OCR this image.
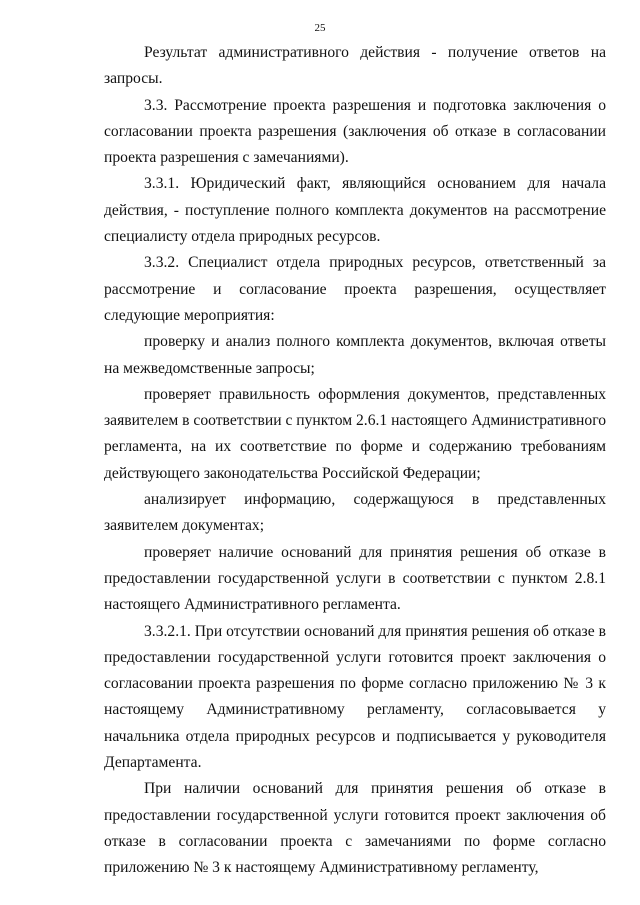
25

Результат административного действия - получение ответов на запросы.

3.3. Рассмотрение проекта разрешения и подготовка заключения о согласовании проекта разрешения (заключения об отказе в согласовании проекта разрешения с замечаниями).

3.3.1. Юридический факт, являющийся основанием для начала действия, - поступление полного комплекта документов на рассмотрение специалисту отдела природных ресурсов.

3.3.2. Специалист отдела природных ресурсов, ответственный за рассмотрение и согласование проекта разрешения, осуществляет следующие мероприятия:

проверку и анализ полного комплекта документов, включая ответы на межведомственные запросы;

проверяет правильность оформления документов, представленных заявителем в соответствии с пунктом 2.6.1 настоящего Административного регламента, на их соответствие по форме и содержанию требованиям действующего законодательства Российской Федерации;

анализирует информацию, содержащуюся в представленных заявителем документах;

проверяет наличие оснований для принятия решения об отказе в предоставлении государственной услуги в соответствии с пунктом 2.8.1 настоящего Административного регламента.

3.3.2.1. При отсутствии оснований для принятия решения об отказе в предоставлении государственной услуги готовится проект заключения о согласовании проекта разрешения по форме согласно приложению № 3 к настоящему Административному регламенту, согласовывается у начальника отдела природных ресурсов и подписывается у руководителя Департамента.

При наличии оснований для принятия решения об отказе в предоставлении государственной услуги готовится проект заключения об отказе в согласовании проекта с замечаниями по форме согласно приложению № 3 к настоящему Административному регламенту,
